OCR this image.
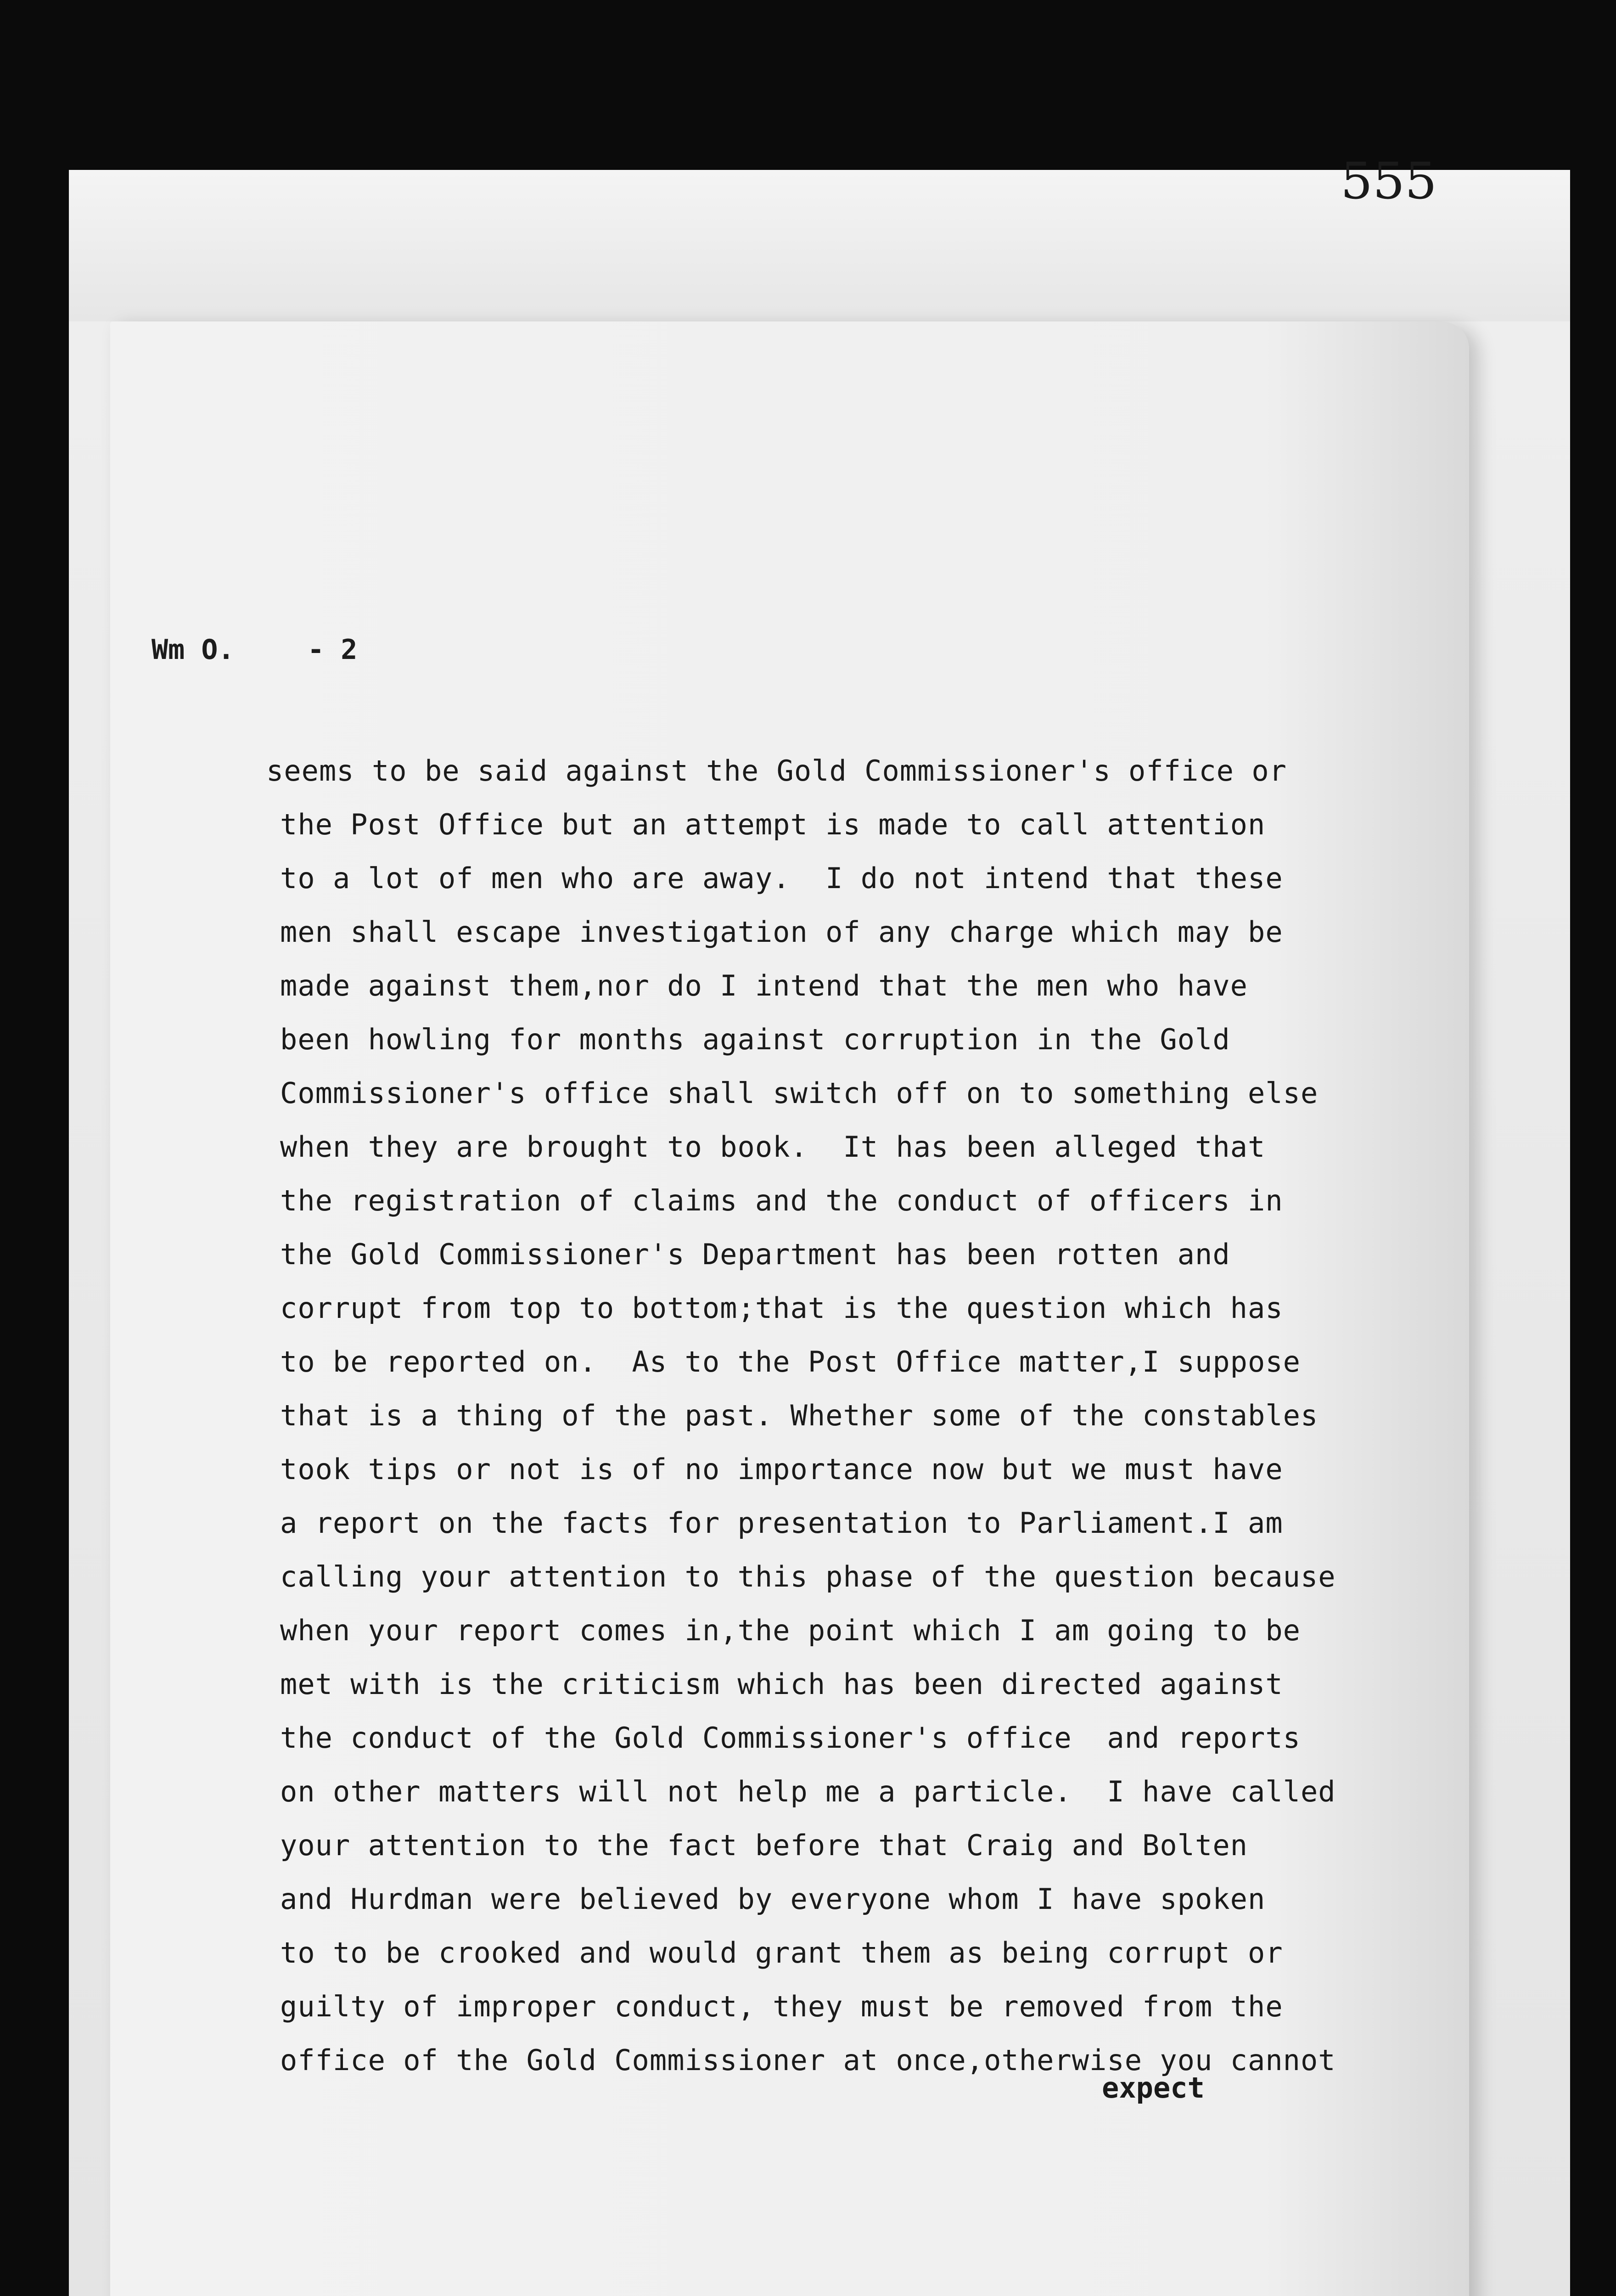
555
Wm O.	- 2
seems to be said against the Gold Commissioner's office or
the Post Office but an attempt is made to call attention
to a lot of men who are away.  I do not intend that these
men shall escape investigation of any charge which may be
made against them,nor do I intend that the men who have
been howling for months against corruption in the Gold
Commissioner's office shall switch off on to something else
when they are brought to book.  It has been alleged that
the registration of claims and the conduct of officers in
the Gold Commissioner's Department has been rotten and
corrupt from top to bottom;that is the question which has
to be reported on.  As to the Post Office matter,I suppose
that is a thing of the past. Whether some of the constables
took tips or not is of no importance now but we must have
a report on the facts for presentation to Parliament.I am
calling your attention to this phase of the question because
when your report comes in,the point which I am going to be
met with is the criticism which has been directed against
the conduct of the Gold Commissioner's office  and reports
on other matters will not help me a particle.  I have called
your attention to the fact before that Craig and Bolten
and Hurdman were believed by everyone whom I have spoken
to to be crooked and would grant them as being corrupt or
guilty of improper conduct, they must be removed from the
office of the Gold Commissioner at once,otherwise you cannot
expect
